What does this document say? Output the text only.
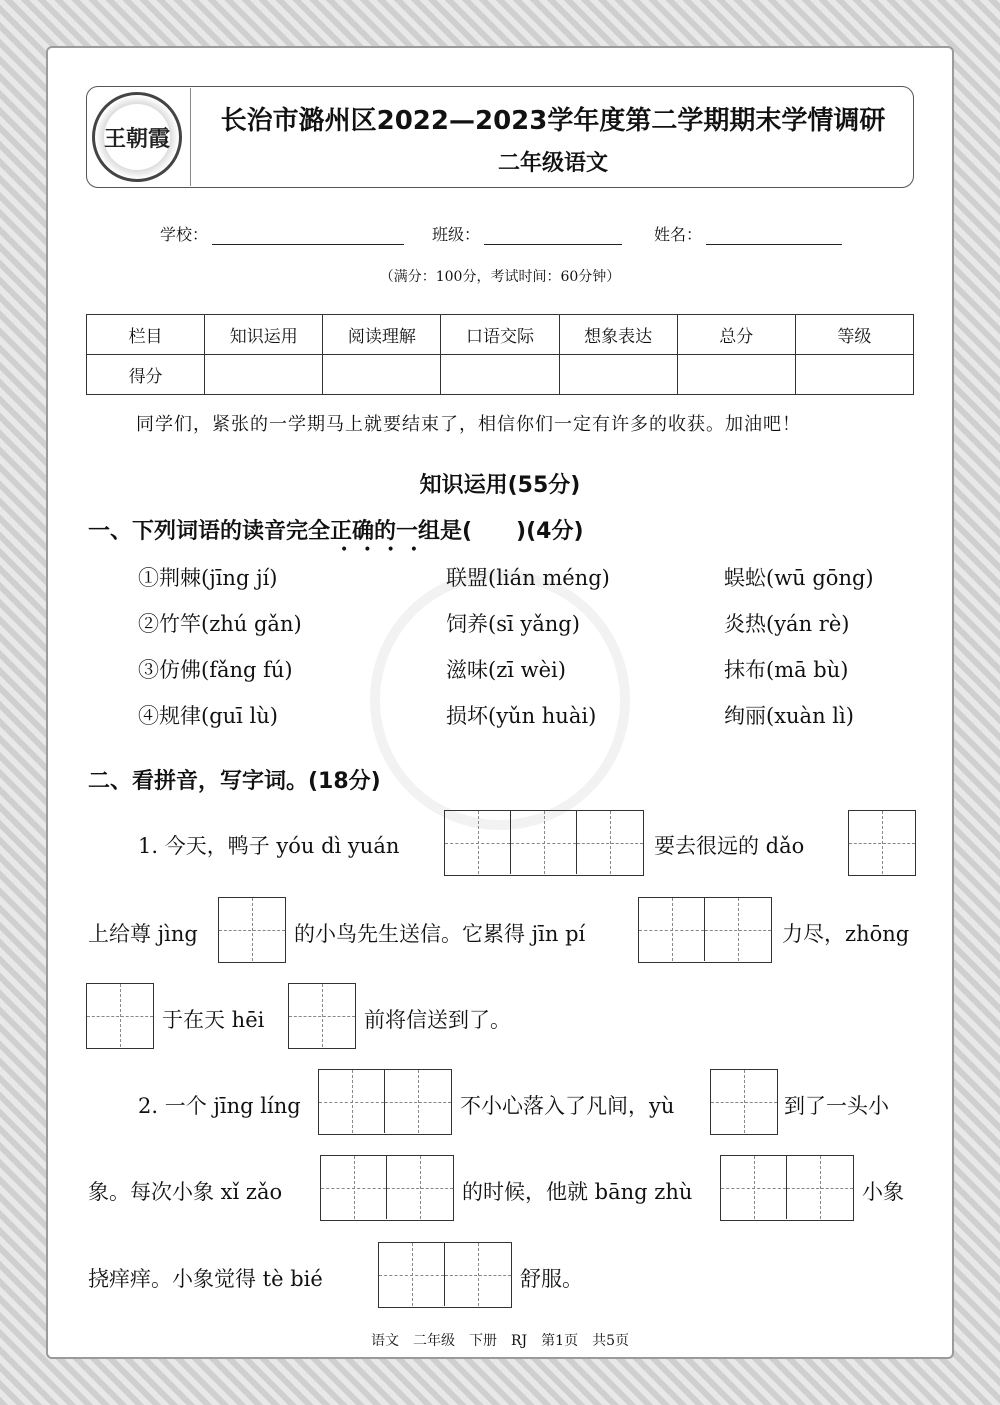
王朝霞
长治市潞州区2022—2023学年度第二学期期末学情调研
二年级语文
学校：	班级：	姓名：
（满分：100分，考试时间：60分钟）
栏目	知识运用	阅读理解	口语交际	想象表达	总分	等级
得分						
同学们，紧张的一学期马上就要结束了，相信你们一定有许多的收获。加油吧！
知识运用(55分)
一、下列词语的读音完全正确的一组是(　　)(4分)
••••
①荆棘(jīng jí)	联盟(lián méng)	蜈蚣(wū gōng)
②竹竿(zhú gǎn)	饲养(sī yǎng)	炎热(yán rè)
③仿佛(fǎng fú)	滋味(zī wèi)	抹布(mā bù)
④规律(guī lù)	损坏(yǔn huài)	绚丽(xuàn lì)
二、看拼音，写字词。(18分)
1. 今天，鸭子 yóu dì yuán	要去很远的 dǎo
上给尊 jìng	的小鸟先生送信。它累得 jīn pí	力尽，zhōng
于在天 hēi	前将信送到了。
2. 一个 jīng líng	不小心落入了凡间，yù	到了一头小
象。每次小象 xǐ zǎo	的时候，他就 bāng zhù	小象
挠痒痒。小象觉得 tè bié	舒服。
语文　二年级　下册　RJ　第1页　共5页
